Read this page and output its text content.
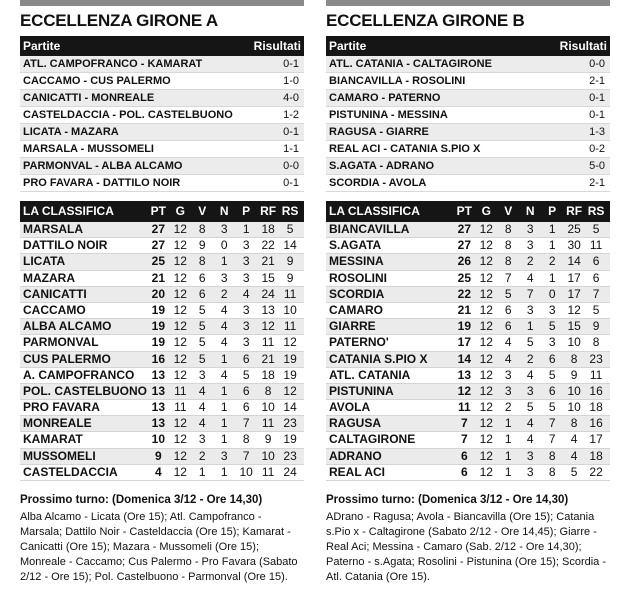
ECCELLENZA GIRONE A
Partite	Risultati
ATL. CAMPOFRANCO - KAMARAT	0-1
CACCAMO - CUS PALERMO	1-0
CANICATTI - MONREALE	4-0
CASTELDACCIA - POL. CASTELBUONO	1-2
LICATA - MAZARA	0-1
MARSALA - MUSSOMELI	1-1
PARMONVAL - ALBA ALCAMO	0-0
PRO FAVARA - DATTILO NOIR	0-1
LA CLASSIFICA	PT G	V	N	P RF RS
MARSALA	27 12 8	3	1 18 5
DATTILO NOIR	27 12 9	0	3 22 14
LICATA	25 12 8	1	3 21 9
MAZARA	21 12 6	3	3 15 9
CANICATTI	20 12 6	2	4 24 11
CACCAMO	19 12 5	4	3 13 10
ALBA ALCAMO	19 12 5	4	3 12 11
PARMONVAL	19 12 5	4	3	11 12
CUS PALERMO	16 12 5	1	6 21 19
A. CAMPOFRANCO	13 12 3	4	5 18 19
POL. CASTELBUONO 13 11	4	1	6	8 12
PRO FAVARA	13 11	4	1	6 10 14
MONREALE	13 12 4	1	7	11 23
KAMARAT	10 12 3	1	8	9 19
MUSSOMELI	9 12 2	3	7 10 23
CASTELDACCIA	4 12 1	1 10 11 24
Prossimo turno: (Domenica 3/12 - Ore 14,30)
Alba Alcamo - Licata (Ore 15); Atl. Campofranco - Marsala; Dattilo Noir - Casteldaccia (Ore 15); Kamarat - Canicatti (Ore 15); Mazara - Mussomeli (Ore 15); Monreale - Caccamo; Cus Palermo - Pro Favara (Sabato 2/12 - Ore 15); Pol. Castelbuono - Parmonval (Ore 15).
ECCELLENZA GIRONE B
Partite	Risultati
ATL. CATANIA - CALTAGIRONE	0-0
BIANCAVILLA - ROSOLINI	2-1
CAMARO - PATERNO	0-1
PISTUNINA - MESSINA	0-1
RAGUSA - GIARRE	1-3
REAL ACI - CATANIA S.PIO X	0-2
S.AGATA - ADRANO	5-0
SCORDIA - AVOLA	2-1
LA CLASSIFICA	PT G	V	N	P RF RS
BIANCAVILLA	27 12 8	3	1 25 5
S.AGATA	27 12 8	3	1 30 11
MESSINA	26 12 8	2	2 14 6
ROSOLINI	25 12 7	4	1 17 6
SCORDIA	22 12 5	7	0 17 7
CAMARO	21 12 6	3	3 12 5
GIARRE	19 12 6	1	5 15 9
PATERNO'	17 12 4	5	3 10 8
CATANIA S.PIO X	14 12 4	2	6	8 23
ATL. CATANIA	13 12 3	4	5	9	11
PISTUNINA	12 12 3	3	6 10 16
AVOLA	11 12 2	5	5 10 18
RAGUSA	7 12 1	4	7	8 16
CALTAGIRONE	7 12 1	4	7	4 17
ADRANO	6 12 1	3	8	4 18
REAL ACI	6 12 1	3	8	5 22
Prossimo turno: (Domenica 3/12 - Ore 14,30)
ADrano - Ragusa; Avola - Biancavilla (Ore 15); Catania s.Pio x - Caltagirone (Sabato 2/12 - Ore 14,45); Giarre - Real Aci; Messina - Camaro (Sab. 2/12 - Ore 14,30); Paterno - s.Agata; Rosolini - Pistunina (Ore 15); Scordia - Atl. Catania (Ore 15).
